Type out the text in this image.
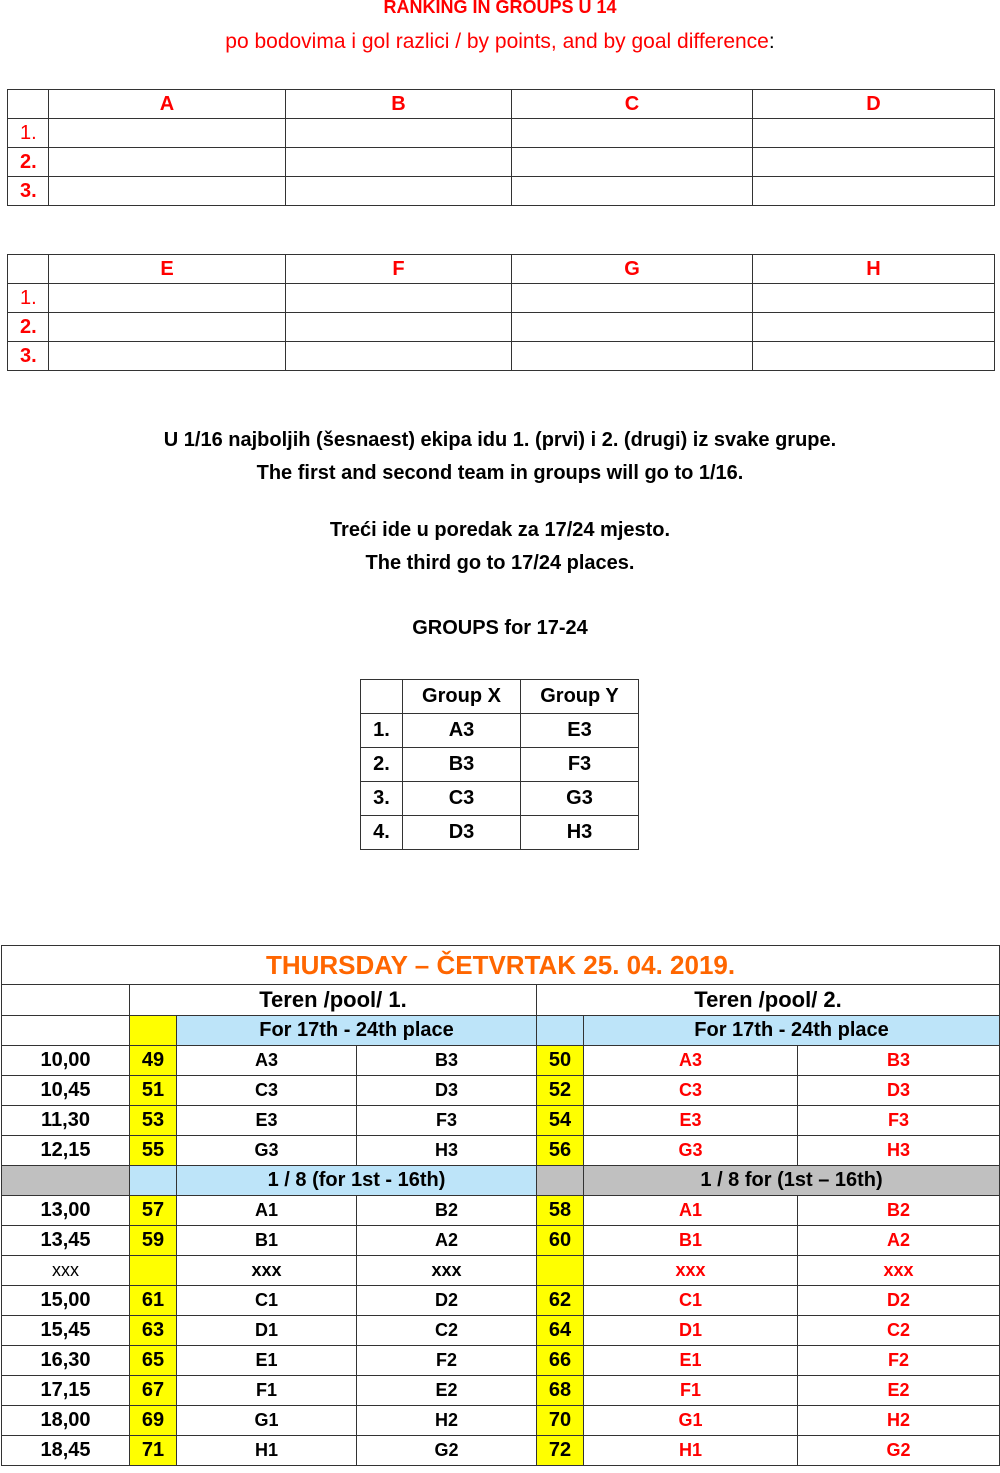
RANKING IN GROUPS U 14
po bodovima i gol razlici / by points, and by goal difference:
	A	B	C	D
1.				
2.				
3.				
	E	F	G	H
1.				
2.				
3.				
U 1/16 najboljih (šesnaest) ekipa idu 1. (prvi) i 2. (drugi) iz svake grupe.
The first and second team in groups will go to 1/16.
Treći ide u poredak za 17/24 mjesto.
The third go to 17/24 places.
GROUPS for 17-24
	Group X	Group Y
1.	A3	E3
2.	B3	F3
3.	C3	G3
4.	D3	H3
THURSDAY – ČETVRTAK 25. 04. 2019.						
	Teren /pool/ 1.			Teren /pool/ 2.		
		For 17th - 24th place			For 17th - 24th place	
10,00	49	A3	B3	50	A3	B3
10,45	51	C3	D3	52	C3	D3
11,30	53	E3	F3	54	E3	F3
12,15	55	G3	H3	56	G3	H3
		1 / 8 (for 1st - 16th)			1 / 8 for (1st – 16th)	
13,00	57	A1	B2	58	A1	B2
13,45	59	B1	A2	60	B1	A2
xxx		xxx	xxx		xxx	xxx
15,00	61	C1	D2	62	C1	D2
15,45	63	D1	C2	64	D1	C2
16,30	65	E1	F2	66	E1	F2
17,15	67	F1	E2	68	F1	E2
18,00	69	G1	H2	70	G1	H2
18,45	71	H1	G2	72	H1	G2
